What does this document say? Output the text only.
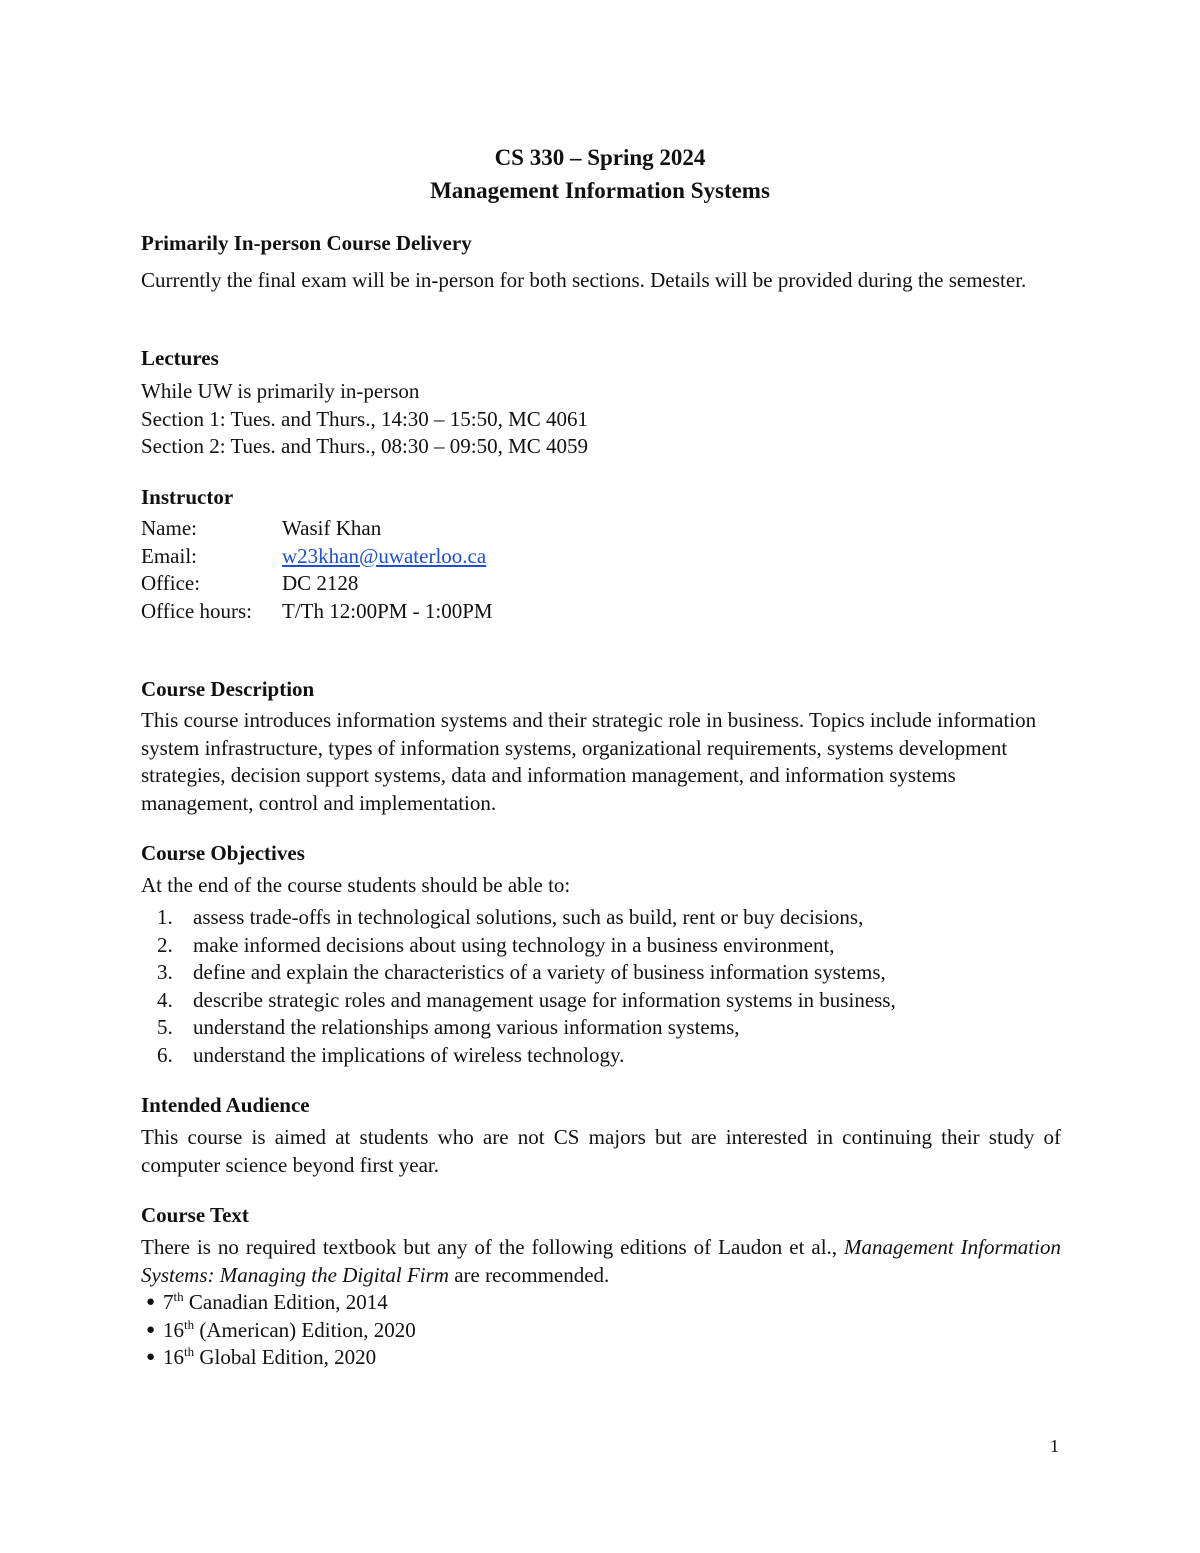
CS 330 – Spring 2024
Management Information Systems
Primarily In-person Course Delivery
Currently the final exam will be in-person for both sections. Details will be provided during the semester.
Lectures
While UW is primarily in-person
Section 1: Tues. and Thurs., 14:30 – 15:50, MC 4061
Section 2: Tues. and Thurs., 08:30 – 09:50, MC 4059
Instructor
Name:	Wasif Khan
Email:	w23khan@uwaterloo.ca
Office:	DC 2128
Office hours: T/Th 12:00PM - 1:00PM
Course Description
This course introduces information systems and their strategic role in business. Topics include information system infrastructure, types of information systems, organizational requirements, systems development strategies, decision support systems, data and information management, and information systems management, control and implementation.
Course Objectives
At the end of the course students should be able to:
1. assess trade-offs in technological solutions, such as build, rent or buy decisions,
2. make informed decisions about using technology in a business environment,
3. define and explain the characteristics of a variety of business information systems,
4. describe strategic roles and management usage for information systems in business,
5. understand the relationships among various information systems,
6. understand the implications of wireless technology.
Intended Audience
This course is aimed at students who are not CS majors but are interested in continuing their study of computer science beyond first year.
Course Text
There is no required textbook but any of the following editions of Laudon et al., Management Information Systems: Managing the Digital Firm are recommended.
● 7th Canadian Edition, 2014
● 16th (American) Edition, 2020
● 16th Global Edition, 2020
1
